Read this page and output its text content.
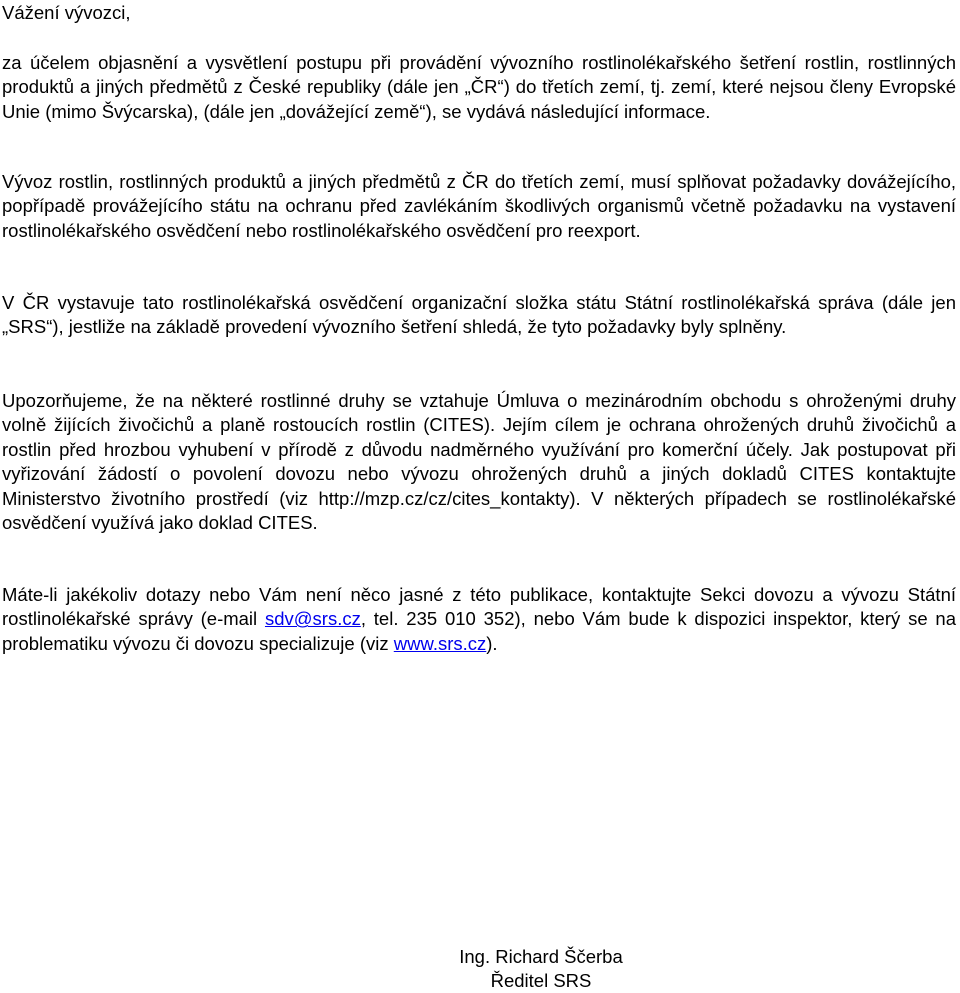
Vážení vývozci,

za účelem objasnění a vysvětlení postupu při provádění vývozního rostlinolékařského šetření rostlin, rostlinných produktů a jiných předmětů z České republiky (dále jen „ČR“) do třetích zemí, tj. zemí, které nejsou členy Evropské Unie (mimo Švýcarska), (dále jen „dovážející země“), se vydává následující informace.

Vývoz rostlin, rostlinných produktů a jiných předmětů z ČR do třetích zemí, musí splňovat požadavky dovážejícího, popřípadě provážejícího státu na ochranu před zavlékáním škodlivých organismů včetně požadavku na vystavení rostlinolékařského osvědčení nebo rostlinolékařského osvědčení pro reexport.

V ČR vystavuje tato rostlinolékařská osvědčení organizační složka státu Státní rostlinolékařská správa (dále jen „SRS“), jestliže na základě provedení vývozního šetření shledá, že tyto požadavky byly splněny.

Upozorňujeme, že na některé rostlinné druhy se vztahuje Úmluva o mezinárodním obchodu s ohroženými druhy volně žijících živočichů a planě rostoucích rostlin (CITES). Jejím cílem je ochrana ohrožených druhů živočichů a rostlin před hrozbou vyhubení v přírodě z důvodu nadměrného využívání pro komerční účely. Jak postupovat při vyřizování žádostí o povolení dovozu nebo vývozu ohrožených druhů a jiných dokladů CITES kontaktujte Ministerstvo životního prostředí (viz http://mzp.cz/cz/cites_kontakty). V některých případech se rostlinolékařské osvědčení využívá jako doklad CITES.

Máte-li jakékoliv dotazy nebo Vám není něco jasné z této publikace, kontaktujte Sekci dovozu a vývozu Státní rostlinolékařské správy (e-mail sdv@srs.cz, tel. 235 010 352), nebo Vám bude k dispozici inspektor, který se na problematiku vývozu či dovozu specializuje (viz www.srs.cz).

Ing. Richard Ščerba
Ředitel SRS
